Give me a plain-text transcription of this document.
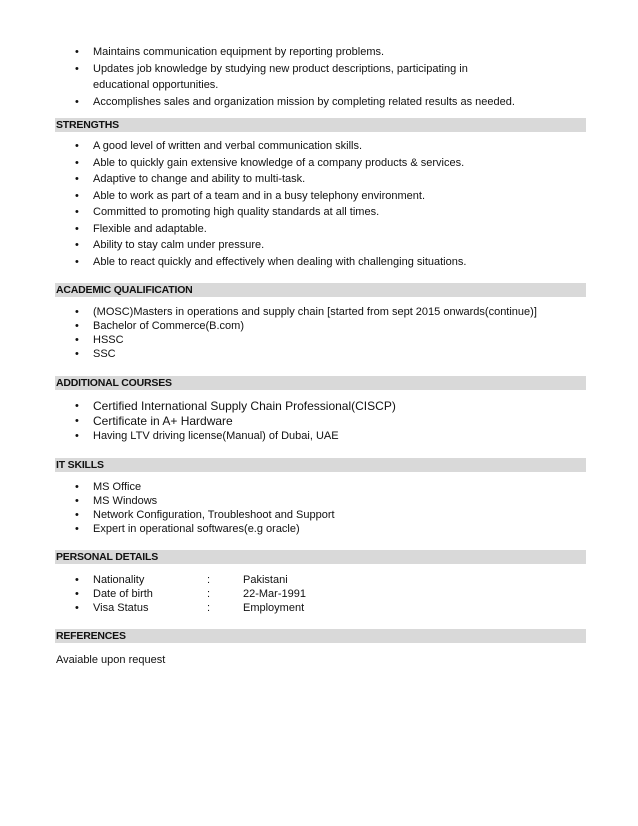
• Maintains communication equipment by reporting problems.
• Updates job knowledge by studying new product descriptions, participating in educational opportunities.
• Accomplishes sales and organization mission by completing related results as needed.
STRENGTHS
• A good level of written and verbal communication skills.
• Able to quickly gain extensive knowledge of a company products & services.
• Adaptive to change and ability to multi-task.
• Able to work as part of a team and in a busy telephony environment.
• Committed to promoting high quality standards at all times.
• Flexible and adaptable.
• Ability to stay calm under pressure.
• Able to react quickly and effectively when dealing with challenging situations.
ACADEMIC QUALIFICATION
• (MOSC)Masters in operations and supply chain [started from sept 2015 onwards(continue)]
• Bachelor of Commerce(B.com)
• HSSC
• SSC
ADDITIONAL COURSES
• Certified International Supply Chain Professional(CISCP)
• Certificate in A+ Hardware
• Having LTV driving license(Manual) of Dubai, UAE
IT SKILLS
• MS Office
• MS Windows
• Network Configuration, Troubleshoot and Support
• Expert in operational softwares(e.g oracle)
PERSONAL DETAILS
• Nationality	:	Pakistani
• Date of birth	:	22-Mar-1991
• Visa Status	:	Employment
REFERENCES
Avaiable upon request
